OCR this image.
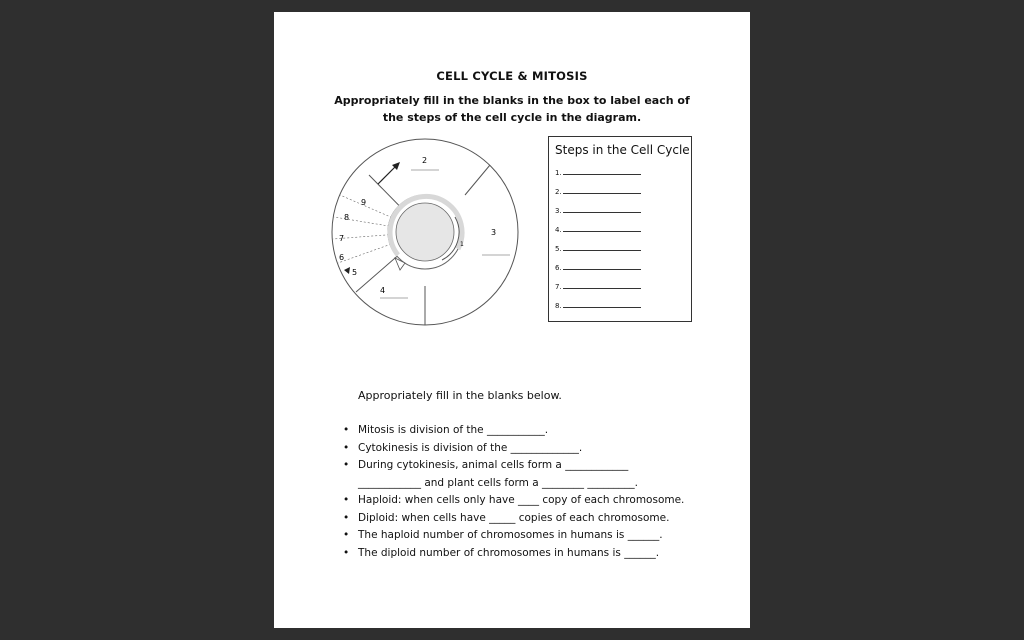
CELL CYCLE & MITOSIS
Appropriately fill in the blanks in the box to label each of the steps of the cell cycle in the diagram.
1
2
3
4
5
6
7
8
9
Steps in the Cell Cycle
1.
2.
3.
4.
5.
6.
7.
8.
Appropriately fill in the blanks below.
• Mitosis is division of the ___________.
• Cytokinesis is division of the _____________.
• During cytokinesis, animal cells form a ____________
____________ and plant cells form a ________ _________.
• Haploid: when cells only have ____ copy of each chromosome.
• Diploid: when cells have _____ copies of each chromosome.
• The haploid number of chromosomes in humans is ______.
• The diploid number of chromosomes in humans is ______.
